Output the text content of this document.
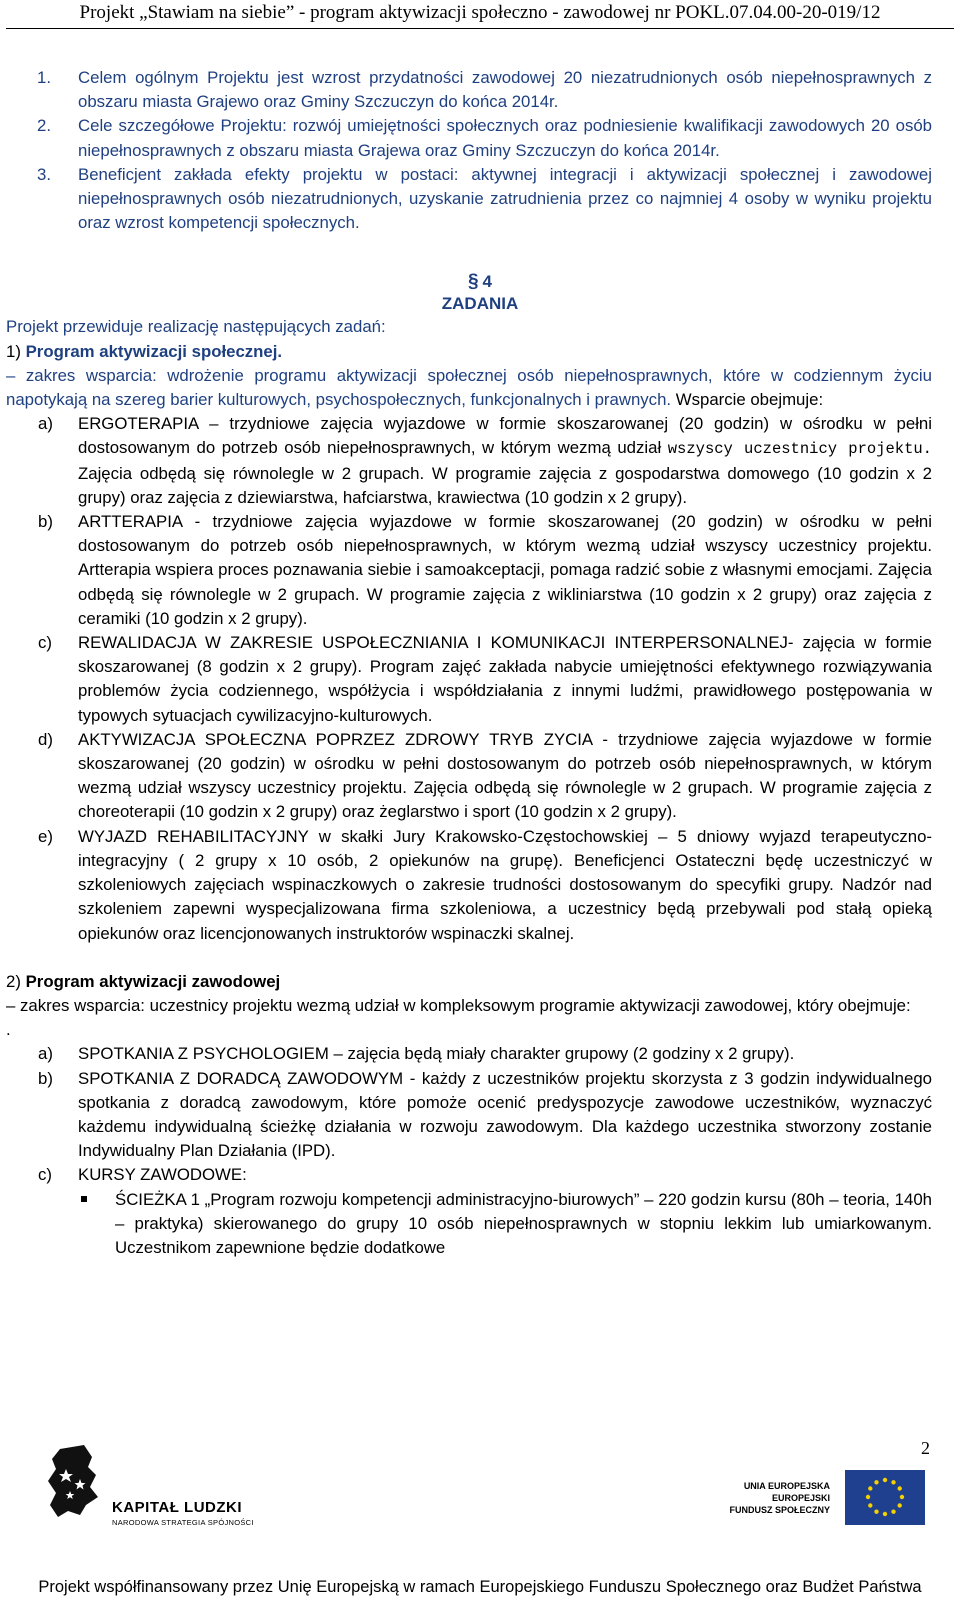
Projekt „Stawiam na siebie” - program aktywizacji społeczno - zawodowej nr POKL.07.04.00-20-019/12
1. Celem ogólnym Projektu jest wzrost przydatności zawodowej 20 niezatrudnionych osób niepełnosprawnych z obszaru miasta Grajewo oraz Gminy Szczuczyn do końca 2014r.
2. Cele szczegółowe Projektu: rozwój umiejętności społecznych oraz podniesienie kwalifikacji zawodowych 20 osób niepełnosprawnych z obszaru miasta Grajewa oraz Gminy Szczuczyn do końca 2014r.
3. Beneficjent zakłada efekty projektu w postaci: aktywnej integracji i aktywizacji społecznej i zawodowej niepełnosprawnych osób niezatrudnionych, uzyskanie zatrudnienia przez co najmniej 4 osoby w wyniku projektu oraz wzrost kompetencji społecznych.
§ 4
ZADANIA

Projekt przewiduje realizację następujących zadań:

1) Program aktywizacji społecznej.

– zakres wsparcia: wdrożenie programu aktywizacji społecznej osób niepełnosprawnych, które w codziennym życiu napotykają na szereg barier kulturowych, psychospołecznych, funkcjonalnych i prawnych. Wsparcie obejmuje:

a) ERGOTERAPIA – trzydniowe zajęcia wyjazdowe w formie skoszarowanej (20 godzin) w ośrodku w pełni dostosowanym do potrzeb osób niepełnosprawnych, w którym wezmą udział wszyscy uczestnicy projektu. Zajęcia odbędą się równolegle w 2 grupach. W programie zajęcia z gospodarstwa domowego (10 godzin x 2 grupy) oraz zajęcia z dziewiarstwa, hafciarstwa, krawiectwa (10 godzin x 2 grupy).
b) ARTTERAPIA - trzydniowe zajęcia wyjazdowe w formie skoszarowanej (20 godzin) w ośrodku w pełni dostosowanym do potrzeb osób niepełnosprawnych, w którym wezmą udział wszyscy uczestnicy projektu. Artterapia wspiera proces poznawania siebie i samoakceptacji, pomaga radzić sobie z własnymi emocjami. Zajęcia odbędą się równolegle w 2 grupach. W programie zajęcia z wikliniarstwa (10 godzin x 2 grupy) oraz zajęcia z ceramiki (10 godzin x 2 grupy).
c) REWALIDACJA W ZAKRESIE USPOŁECZNIANIA I KOMUNIKACJI INTERPERSONALNEJ- zajęcia w formie skoszarowanej (8 godzin x 2 grupy). Program zajęć zakłada nabycie umiejętności efektywnego rozwiązywania problemów życia codziennego, współżycia i współdziałania z innymi ludźmi, prawidłowego postępowania w typowych sytuacjach cywilizacyjno-kulturowych.
d) AKTYWIZACJA SPOŁECZNA POPRZEZ ZDROWY TRYB ZYCIA - trzydniowe zajęcia wyjazdowe w formie skoszarowanej (20 godzin) w ośrodku w pełni dostosowanym do potrzeb osób niepełnosprawnych, w którym wezmą udział wszyscy uczestnicy projektu. Zajęcia odbędą się równolegle w 2 grupach. W programie zajęcia z choreoterapii (10 godzin x 2 grupy) oraz żeglarstwo i sport (10 godzin x 2 grupy).
e) WYJAZD REHABILITACYJNY w skałki Jury Krakowsko-Częstochowskiej – 5 dniowy wyjazd terapeutyczno-integracyjny ( 2 grupy x 10 osób, 2 opiekunów na grupę). Beneficjenci Ostateczni będę uczestniczyć w szkoleniowych zajęciach wspinaczkowych o zakresie trudności dostosowanym do specyfiki grupy. Nadzór nad szkoleniem zapewni wyspecjalizowana firma szkoleniowa, a uczestnicy będą przebywali pod stałą opieką opiekunów oraz licencjonowanych instruktorów wspinaczki skalnej.

2) Program aktywizacji zawodowej

– zakres wsparcia: uczestnicy projektu wezmą udział w kompleksowym programie aktywizacji zawodowej, który obejmuje:

.

a) SPOTKANIA Z PSYCHOLOGIEM – zajęcia będą miały charakter grupowy (2 godziny x 2 grupy).
b) SPOTKANIA Z DORADCĄ ZAWODOWYM - każdy z uczestników projektu skorzysta z 3 godzin indywidualnego spotkania z doradcą zawodowym, które pomoże ocenić predyspozycje zawodowe uczestników, wyznaczyć każdemu indywidualną ścieżkę działania w rozwoju zawodowym. Dla każdego uczestnika stworzony zostanie Indywidualny Plan Działania (IPD).
c) KURSY ZAWODOWE:
ŚCIEŻKA 1 „Program rozwoju kompetencji administracyjno-biurowych” – 220 godzin kursu (80h – teoria, 140h – praktyka) skierowanego do grupy 10 osób niepełnosprawnych w stopniu lekkim lub umiarkowanym. Uczestnikom zapewnione będzie dodatkowe
2
KAPITAŁ LUDZKI
NARODOWA STRATEGIA SPÓJNOŚCI
UNIA EUROPEJSKA
EUROPEJSKI
FUNDUSZ SPOŁECZNY
Projekt współfinansowany przez Unię Europejską w ramach Europejskiego Funduszu Społecznego oraz Budżet Państwa
